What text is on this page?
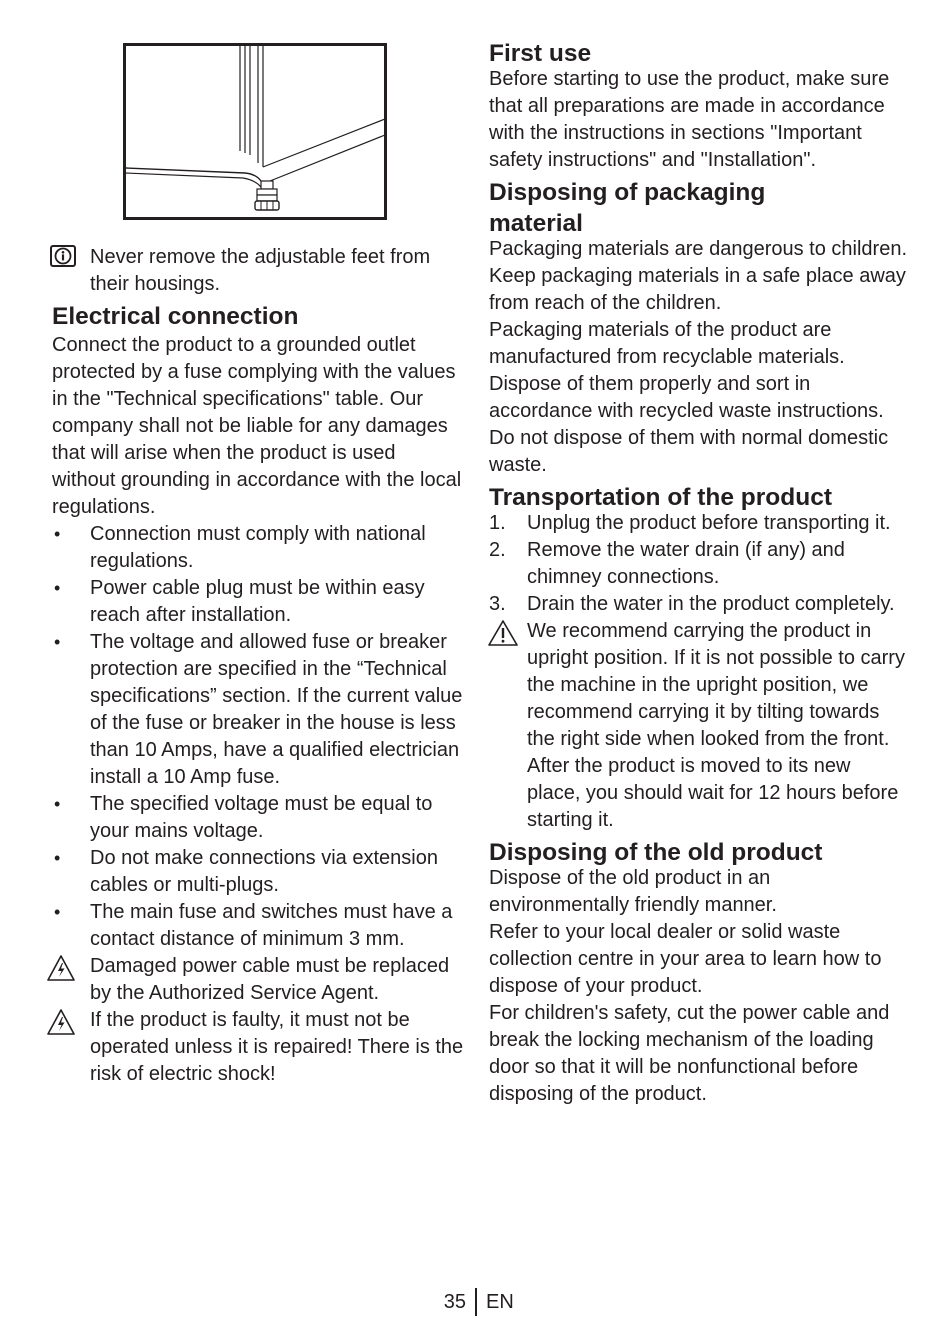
Never remove the adjustable feet from their housings.
Electrical connection

Connect the product to a grounded outlet protected by a fuse complying with the values in the "Technical specifications" table. Our company shall not be liable for any damages that will arise when the product is used without grounding in accordance with the local regulations.

•	Connection must comply with national regulations.
•	Power cable plug must be within easy reach after installation.
•	The voltage and allowed fuse or breaker protection are specified in the “Technical specifications” section. If the current value of the fuse or breaker in the house is less than 10 Amps, have a qualified electrician install a 10 Amp fuse.
•	The specified voltage must be equal to your mains voltage.
•	Do not make connections via extension cables or multi-plugs.
•	The main fuse and switches must have a contact distance of minimum 3 mm.
Damaged power cable must be replaced by the Authorized Service Agent.
If the product is faulty, it must not be operated unless it is repaired! There is the risk of electric shock!
First use

Before starting to use the product, make sure that all preparations are made in accordance with the instructions in sections "Important safety instructions" and "Installation".

Disposing of packaging
material

Packaging materials are dangerous to children. Keep packaging materials in a safe place away from reach of the children.

Packaging materials of the product are manufactured from recyclable materials. Dispose of them properly and sort in accordance with recycled waste instructions. Do not dispose of them with normal domestic waste.

Transportation of the product
1.	Unplug the product before transporting it.
2.	Remove the water drain (if any) and chimney connections.
3.	Drain the water in the product completely.
We recommend carrying the product in upright position. If it is not possible to carry the machine in the upright position, we recommend carrying it by tilting towards the right side when looked from the front. After the product is moved to its new place, you should wait for 12 hours before starting it.
Disposing of the old product

Dispose of the old product in an environmentally friendly manner.

Refer to your local dealer or solid waste collection centre in your area to learn how to dispose of your product.

For children's safety, cut the power cable and break the locking mechanism of the loading door so that it will be nonfunctional before disposing of the product.

35 EN
